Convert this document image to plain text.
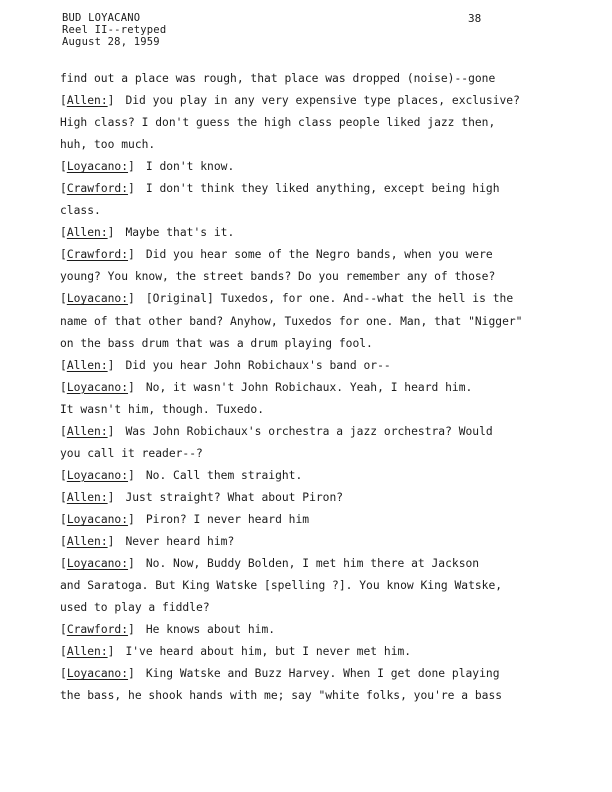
BUD LOYACANO
Reel II--retyped
August 28, 1959
38
find out a place was rough, that place was dropped (noise)--gone
[Allen:] Did you play in any very expensive type places, exclusive?
High class? I don't guess the high class people liked jazz then,
huh, too much.
[Loyacano:] I don't know.
[Crawford:] I don't think they liked anything, except being high
class.
[Allen:] Maybe that's it.
[Crawford:] Did you hear some of the Negro bands, when you were
young? You know, the street bands? Do you remember any of those?
[Loyacano:] [Original] Tuxedos, for one. And--what the hell is the
name of that other band? Anyhow, Tuxedos for one. Man, that "Nigger"
on the bass drum that was a drum playing fool.
[Allen:] Did you hear John Robichaux's band or--
[Loyacano:] No, it wasn't John Robichaux. Yeah, I heard him.
It wasn't him, though. Tuxedo.
[Allen:] Was John Robichaux's orchestra a jazz orchestra? Would
you call it reader--?
[Loyacano:] No. Call them straight.
[Allen:] Just straight? What about Piron?
[Loyacano:] Piron? I never heard him
[Allen:] Never heard him?
[Loyacano:] No. Now, Buddy Bolden, I met him there at Jackson
and Saratoga. But King Watske [spelling ?]. You know King Watske,
used to play a fiddle?
[Crawford:] He knows about him.
[Allen:] I've heard about him, but I never met him.
[Loyacano:] King Watske and Buzz Harvey. When I get done playing
the bass, he shook hands with me; say "white folks, you're a bass
